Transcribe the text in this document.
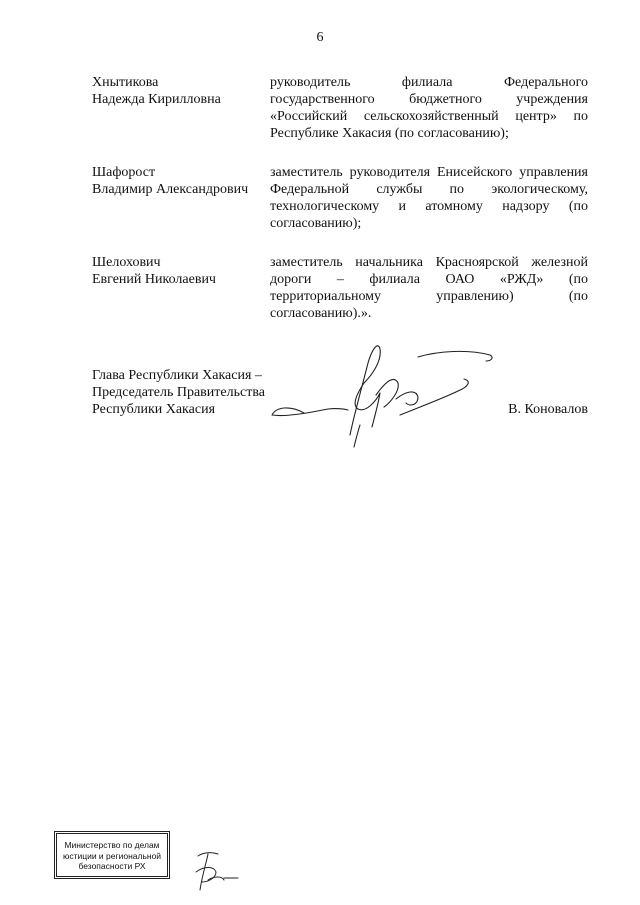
6
Хнытикова
Надежда Кирилловна
руководитель филиала Федерального государственного бюджетного учреждения «Российский сельскохозяйственный центр» по Республике Хакасия (по согласованию);
Шафорост
Владимир Александрович
заместитель руководителя Енисейского управления Федеральной службы по экологическому, технологическому и атомному надзору (по согласованию);
Шелохович
Евгений Николаевич
заместитель начальника Красноярской железной дороги – филиала ОАО «РЖД» (по территориальному управлению) (по согласованию).».
Глава Республики Хакасия –
Председатель Правительства
Республики Хакасия	В. Коновалов
Министерство по делам
юстиции и региональной
безопасности РХ
